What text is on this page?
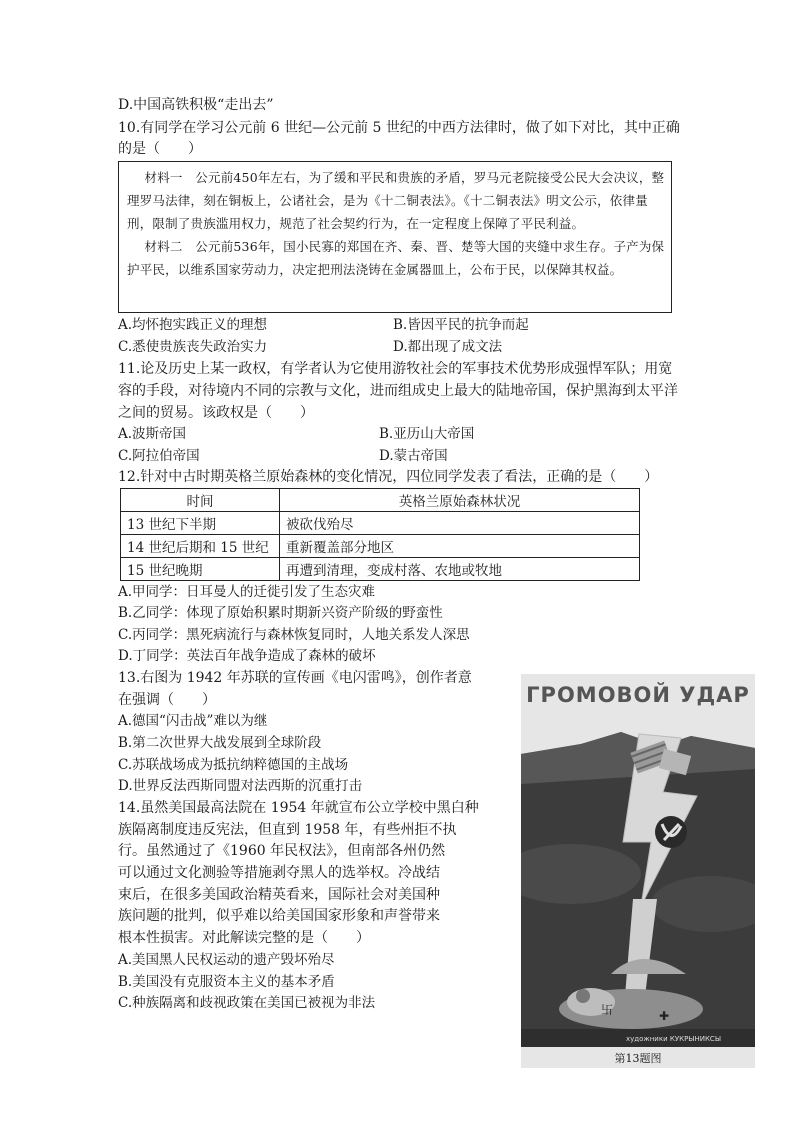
D.中国高铁积极“走出去”
10.有同学在学习公元前 6 世纪—公元前 5 世纪的中西方法律时，做了如下对比，其中正确
的是（　　）

材料一　公元前450年左右，为了缓和平民和贵族的矛盾，罗马元老院接受公民大会决议，整理罗马法律，刻在铜板上，公诸社会，是为《十二铜表法》。《十二铜表法》明文公示，依律量刑，限制了贵族滥用权力，规范了社会契约行为，在一定程度上保障了平民利益。

材料二　公元前536年，国小民寡的郑国在齐、秦、晋、楚等大国的夹缝中求生存。子产为保护平民，以维系国家劳动力，决定把刑法浇铸在金属器皿上，公布于民，以保障其权益。

A.均怀抱实践正义的理想	B.皆因平民的抗争而起
C.悉使贵族丧失政治实力	D.都出现了成文法
11.论及历史上某一政权，有学者认为它使用游牧社会的军事技术优势形成强悍军队；用宽
容的手段，对待境内不同的宗教与文化，进而组成史上最大的陆地帝国，保护黑海到太平洋
之间的贸易。该政权是（　　）
A.波斯帝国	B.亚历山大帝国
C.阿拉伯帝国	D.蒙古帝国
12.针对中古时期英格兰原始森林的变化情况，四位同学发表了看法，正确的是（　　）
时间	英格兰原始森林状况
13 世纪下半期	被砍伐殆尽
14 世纪后期和 15 世纪	重新覆盖部分地区
15 世纪晚期	再遭到清理，变成村落、农地或牧地
A.甲同学：日耳曼人的迁徙引发了生态灾难
B.乙同学：体现了原始积累时期新兴资产阶级的野蛮性
C.丙同学：黑死病流行与森林恢复同时，人地关系发人深思
D.丁同学：英法百年战争造成了森林的破坏
13.右图为 1942 年苏联的宣传画《电闪雷鸣》，创作者意
在强调（　　）
A.德国“闪击战”难以为继
B.第二次世界大战发展到全球阶段
C.苏联战场成为抵抗纳粹德国的主战场
D.世界反法西斯同盟对法西斯的沉重打击
14.虽然美国最高法院在 1954 年就宣布公立学校中黑白种
族隔离制度违反宪法，但直到 1958 年，有些州拒不执
行。虽然通过了《1960 年民权法》，但南部各州仍然
可以通过文化测验等措施剥夺黑人的选举权。冷战结
束后，在很多美国政治精英看来，国际社会对美国种
族问题的批判，似乎难以给美国国家形象和声誉带来
根本性损害。对此解读完整的是（　　）
A.美国黑人民权运动的遗产毁坏殆尽
B.美国没有克服资本主义的基本矛盾
C.种族隔离和歧视政策在美国已被视为非法
ГРОМОВОЙ УДАР
卐	✚
художники КУКРЫНИКСЫ
第13题图
